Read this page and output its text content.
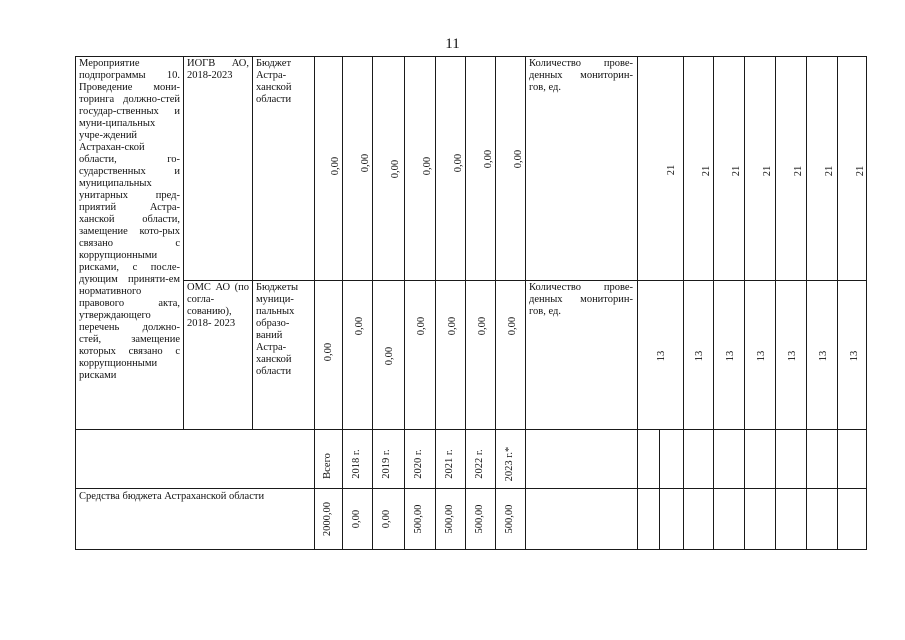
11
Мероприятие подпрограммы 10. Проведение мони-торинга должно-стей государ-ственных и муни-ципальных учре-ждений Астрахан-ской области, го-сударственных и муниципальных унитарных пред-приятий Астра-ханской области, замещение кото-рых связано с коррупционными рисками, с после-дующим приняти-ем нормативного правового акта, утверждающего перечень должно-стей, замещение которых связано с коррупционными рисками
ИОГВ АО, 2018-2023
Бюджет Астра-ханской области
0,00 0,00 0,00 0,00 0,00 0,00 0,00
Количество прове-денных мониторин-гов, ед.
21 21 21 21 21 21 21
ОМС АО (по согла-сованию), 2018- 2023
Бюджеты муници-пальных образо-ваний Астра-ханской области
0,00
0,00
0,00
0,00 0,00 0,00 0,00
Количество прове-денных мониторин-гов, ед.
13	13 13 13 13 13 13
Всего 2018 г. 2019 г. 2020 г. 2021 г. 2022 г. 2023 г.*
Средства бюджета Астраханской области
2000,00 0,00 0,00 500,00 500,00 500,00 500,00
